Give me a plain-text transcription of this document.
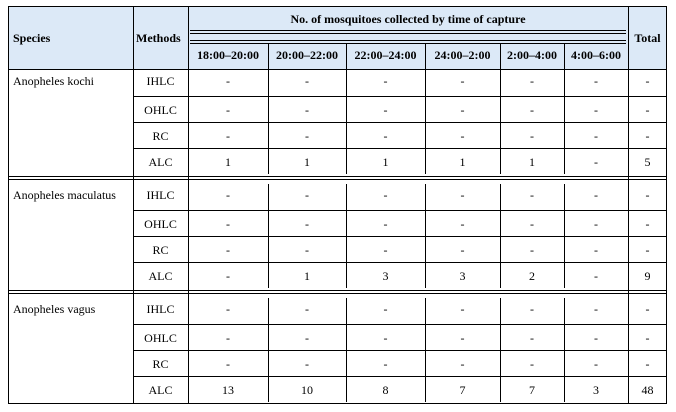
Species	Methods
No. of mosquitoes collected by time of capture
Total
18:00–20:00	20:00–22:00	22:00–24:00	24:00–2:00	2:00–4:00	4:00–6:00
Anopheles kochi	IHLC	-	-	-	-	-	-	-
OHLC	-	-	-	-	-	-	-
RC	-	-	-	-	-	-	-
ALC	1	1	1	1	1	-	5
Anopheles maculatus	IHLC	-	-	-	-	-	-	-
OHLC	-	-	-	-	-	-	-
RC	-	-	-	-	-	-	-
ALC	-	1	3	3	2	-	9
Anopheles vagus	IHLC	-	-	-	-	-	-	-
OHLC	-	-	-	-	-	-	-
RC	-	-	-	-	-	-	-
ALC	13	10	8	7	7	3	48
